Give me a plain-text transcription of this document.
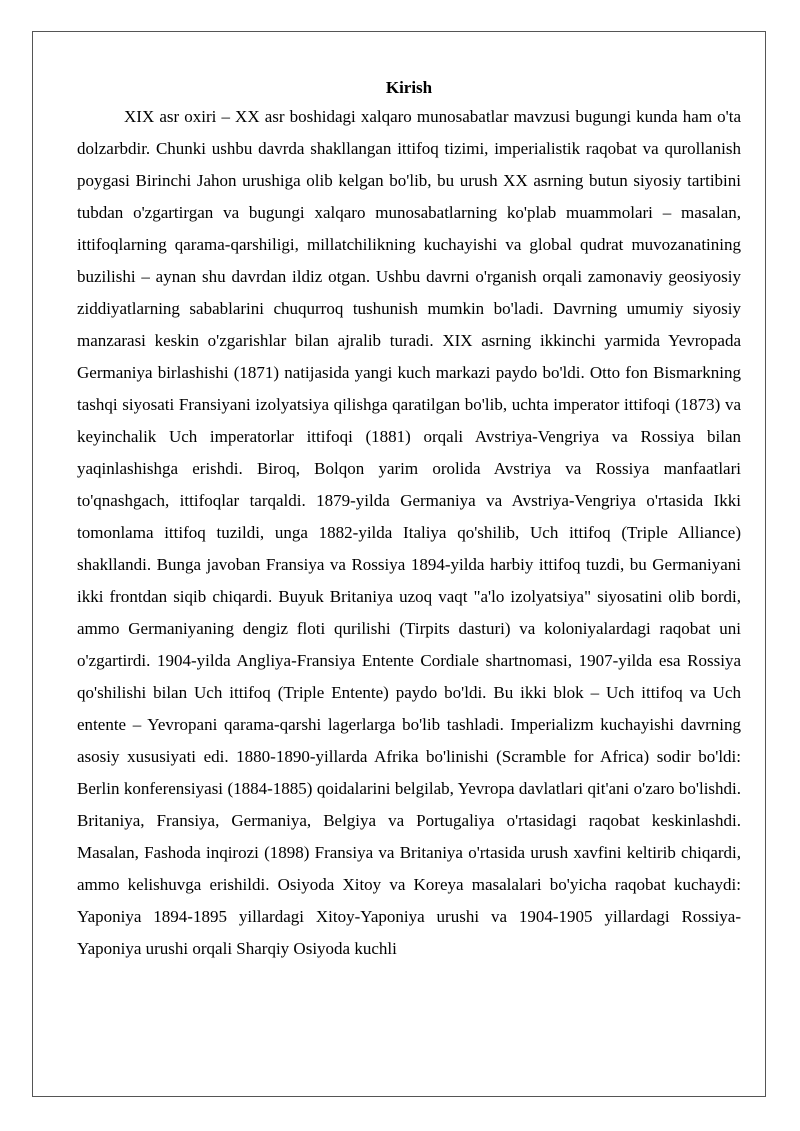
Kirish

XIX asr oxiri – XX asr boshidagi xalqaro munosabatlar mavzusi bugungi kunda ham o'ta dolzarbdir. Chunki ushbu davrda shakllangan ittifoq tizimi, imperialistik raqobat va qurollanish poygasi Birinchi Jahon urushiga olib kelgan bo'lib, bu urush XX asrning butun siyosiy tartibini tubdan o'zgartirgan va bugungi xalqaro munosabatlarning ko'plab muammolari – masalan, ittifoqlarning qarama-qarshiligi, millatchilikning kuchayishi va global qudrat muvozanatining buzilishi – aynan shu davrdan ildiz otgan. Ushbu davrni o'rganish orqali zamonaviy geosiyosiy ziddiyatlarning sabablarini chuqurroq tushunish mumkin bo'ladi. Davrning umumiy siyosiy manzarasi keskin o'zgarishlar bilan ajralib turadi. XIX asrning ikkinchi yarmida Yevropada Germaniya birlashishi (1871) natijasida yangi kuch markazi paydo bo'ldi. Otto fon Bismarkning tashqi siyosati Fransiyani izolyatsiya qilishga qaratilgan bo'lib, uchta imperator ittifoqi (1873) va keyinchalik Uch imperatorlar ittifoqi (1881) orqali Avstriya-Vengriya va Rossiya bilan yaqinlashishga erishdi. Biroq, Bolqon yarim orolida Avstriya va Rossiya manfaatlari to'qnashgach, ittifoqlar tarqaldi. 1879-yilda Germaniya va Avstriya-Vengriya o'rtasida Ikki tomonlama ittifoq tuzildi, unga 1882-yilda Italiya qo'shilib, Uch ittifoq (Triple Alliance) shakllandi. Bunga javoban Fransiya va Rossiya 1894-yilda harbiy ittifoq tuzdi, bu Germaniyani ikki frontdan siqib chiqardi. Buyuk Britaniya uzoq vaqt "a'lo izolyatsiya" siyosatini olib bordi, ammo Germaniyaning dengiz floti qurilishi (Tirpits dasturi) va koloniyalardagi raqobat uni o'zgartirdi. 1904-yilda Angliya-Fransiya Entente Cordiale shartnomasi, 1907-yilda esa Rossiya qo'shilishi bilan Uch ittifoq (Triple Entente) paydo bo'ldi. Bu ikki blok – Uch ittifoq va Uch entente – Yevropani qarama-qarshi lagerlarga bo'lib tashladi. Imperializm kuchayishi davrning asosiy xususiyati edi. 1880-1890-yillarda Afrika bo'linishi (Scramble for Africa) sodir bo'ldi: Berlin konferensiyasi (1884-1885) qoidalarini belgilab, Yevropa davlatlari qit'ani o'zaro bo'lishdi. Britaniya, Fransiya, Germaniya, Belgiya va Portugaliya o'rtasidagi raqobat keskinlashdi. Masalan, Fashoda inqirozi (1898) Fransiya va Britaniya o'rtasida urush xavfini keltirib chiqardi, ammo kelishuvga erishildi. Osiyoda Xitoy va Koreya masalalari bo'yicha raqobat kuchaydi: Yaponiya 1894-1895 yillardagi Xitoy-Yaponiya urushi va 1904-1905 yillardagi Rossiya-Yaponiya urushi orqali Sharqiy Osiyoda kuchli
